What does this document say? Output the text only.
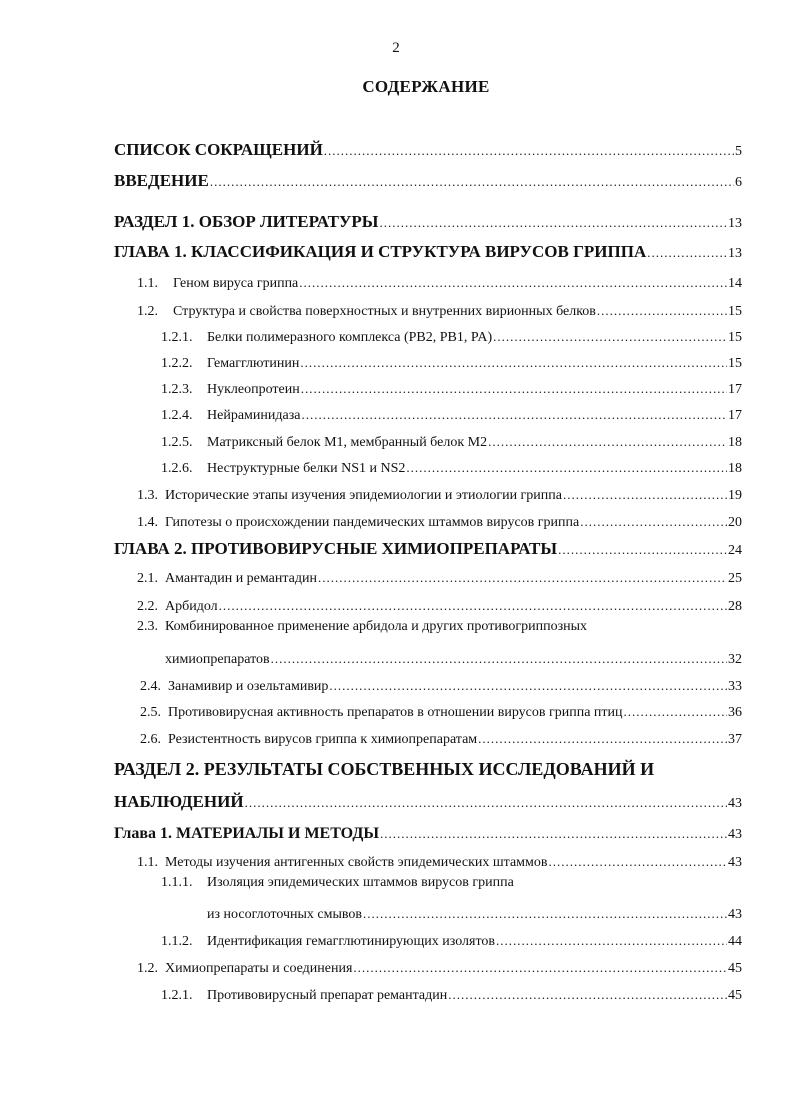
2
СОДЕРЖАНИЕ
СПИСОК СОКРАЩЕНИЙ .....	5
ВВЕДЕНИЕ .....	6
РАЗДЕЛ 1. ОБЗОР ЛИТЕРАТУРЫ .....	13
ГЛАВА 1. КЛАССИФИКАЦИЯ И СТРУКТУРА ВИРУСОВ ГРИППА .....	13
1.1.	Геном вируса гриппа .....	14
1.2.	Структура и свойства поверхностных и внутренних вирионных белков .....	15
1.2.1.	Белки полимеразного комплекса (PB2, PB1, PA) .....	15
1.2.2.	Гемагглютинин .....	15
1.2.3.	Нуклеопротеин .....	17
1.2.4.	Нейраминидаза .....	17
1.2.5.	Матриксный белок M1, мембранный белок M2 .....	18
1.2.6.	Неструктурные белки NS1 и NS2 .....	18
1.3. Исторические этапы изучения эпидемиологии и этиологии гриппа .....	19
1.4. Гипотезы о происхождении пандемических штаммов вирусов гриппа .....	20
ГЛАВА 2. ПРОТИВОВИРУСНЫЕ ХИМИОПРЕПАРАТЫ .....	24
2.1. Амантадин и ремантадин .....	25
2.2. Арбидол .....	28
2.3. Комбинированное применение арбидола и других противогриппозных
химиопрепаратов .....	32
2.4. Занамивир и озельтамивир .....	33
2.5. Противовирусная активность препаратов в отношении вирусов гриппа птиц .....	36
2.6. Резистентность вирусов гриппа к химиопрепаратам .....	37
РАЗДЕЛ 2. РЕЗУЛЬТАТЫ СОБСТВЕННЫХ ИССЛЕДОВАНИЙ И
НАБЛЮДЕНИЙ .....	43
Глава 1. МАТЕРИАЛЫ И МЕТОДЫ .....	43
1.1. Методы изучения антигенных свойств эпидемических штаммов .....	43
1.1.1. Изоляция эпидемических штаммов вирусов гриппа
из носоглоточных смывов .....	43
1.1.2.	Идентификация гемагглютинирующих изолятов .....	44
1.2. Химиопрепараты и соединения .....	45
1.2.1.	Противовирусный препарат ремантадин .....	45
